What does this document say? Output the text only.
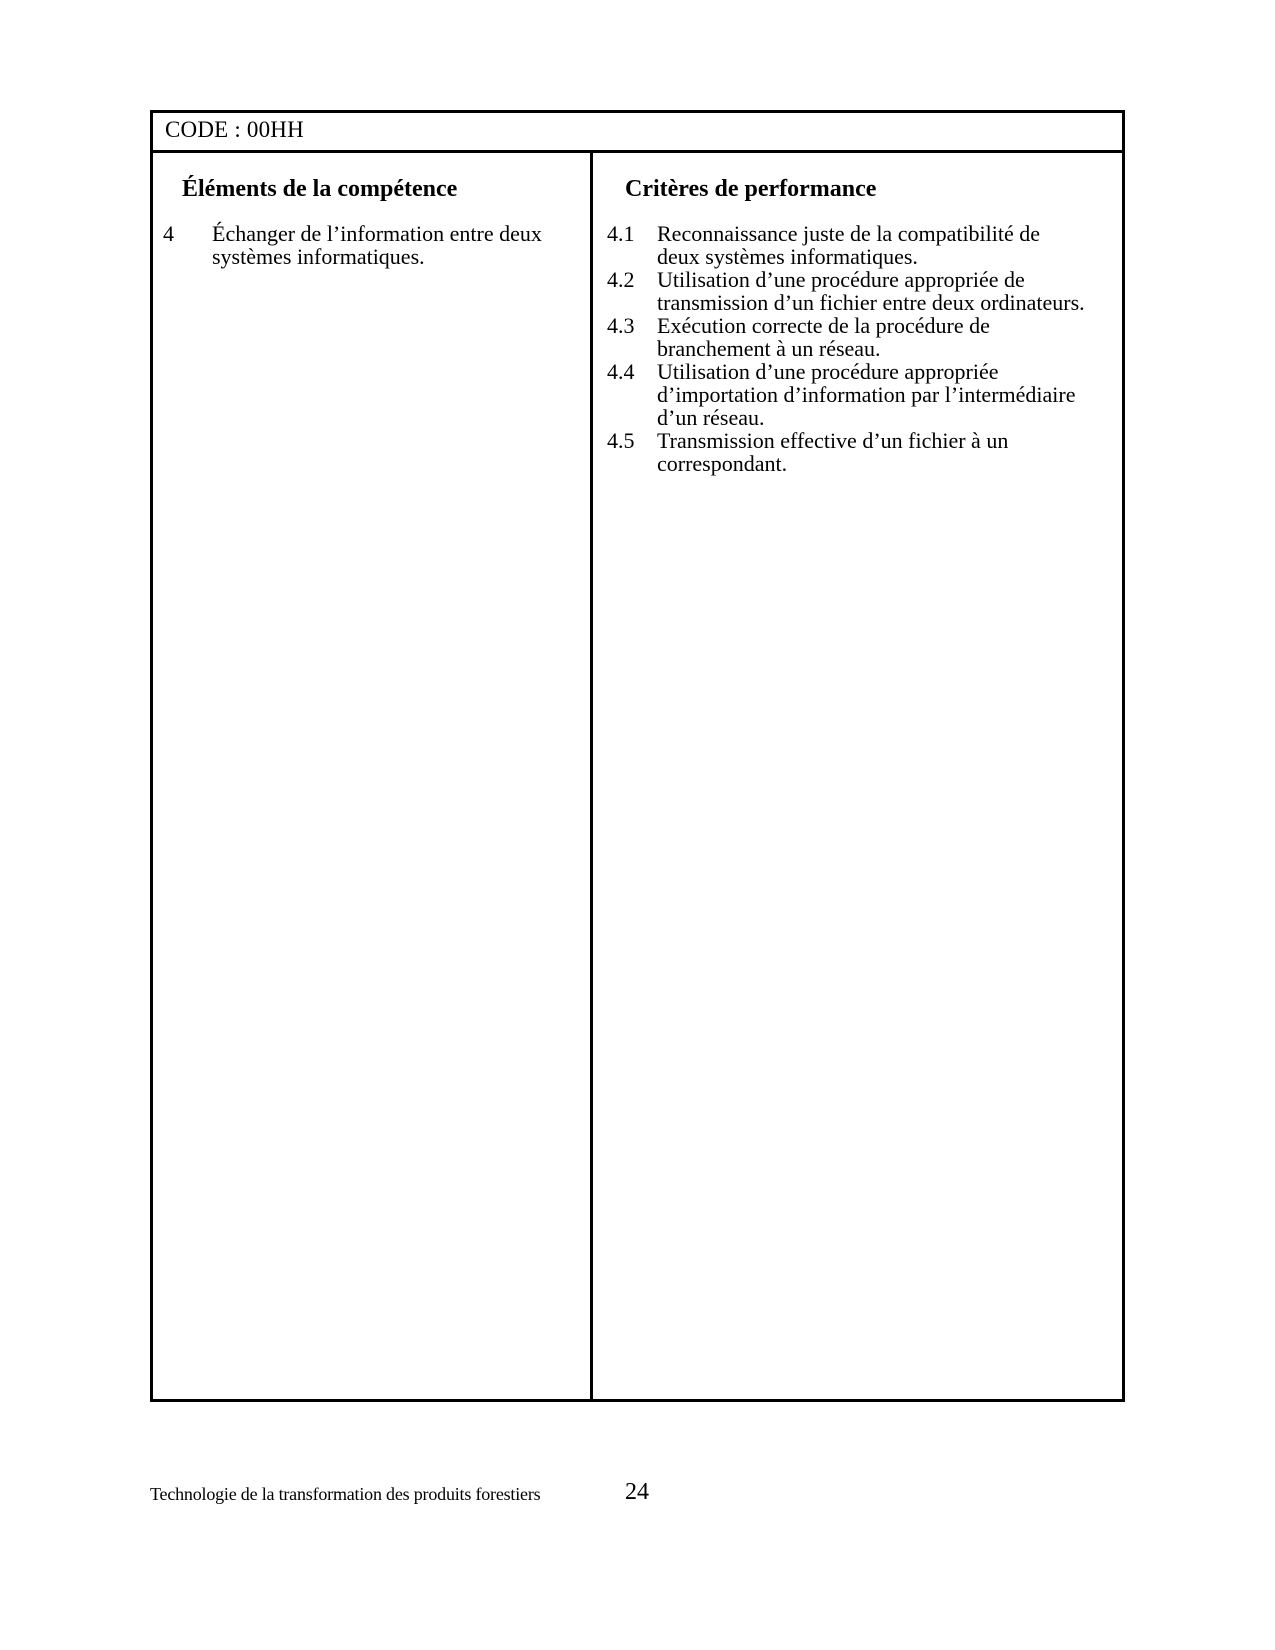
CODE : 00HH
Éléments de la compétence
4 Échanger de l’information entre deux systèmes informatiques.
Critères de performance
4.1 Reconnaissance juste de la compatibilité de deux systèmes informatiques.
4.2 Utilisation d’une procédure appropriée de transmission d’un fichier entre deux ordinateurs.
4.3 Exécution correcte de la procédure de branchement à un réseau.
4.4 Utilisation d’une procédure appropriée d’importation d’information par l’intermédiaire d’un réseau.
4.5 Transmission effective d’un fichier à un correspondant.
Technologie de la transformation des produits forestiers	24
